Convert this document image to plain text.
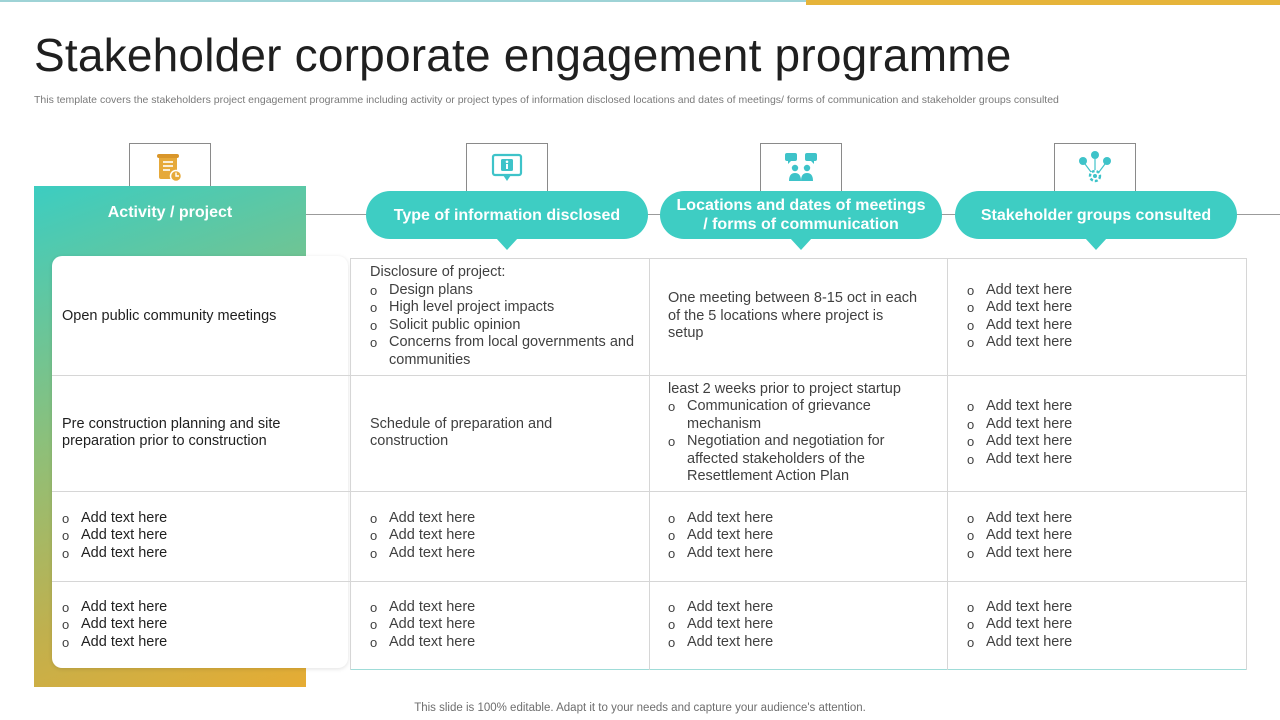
Stakeholder corporate engagement programme

This template covers the stakeholders project engagement programme including activity or project types of information disclosed locations and dates of meetings/ forms of communication and stakeholder groups consulted

Activity / project	Type of information disclosed
Locations and dates of meetings / forms of communication
Stakeholder groups consulted
Open public community meetings
Disclosure of project:
o Design plans
o High level project impacts
o Solicit public opinion
o Concerns from local governments and communities
One meeting between 8-15 oct in each of the 5 locations where project is setup
o Add text here
o Add text here
o Add text here
o Add text here
Pre construction planning and site preparation prior to construction
Schedule of preparation and construction
least 2 weeks prior to project startup
o Communication of grievance mechanism
o Negotiation and negotiation for affected stakeholders of the Resettlement Action Plan
o Add text here
o Add text here
o Add text here
o Add text here
o Add text here
o Add text here
o Add text here
o Add text here
o Add text here
o Add text here
o Add text here
o Add text here
o Add text here
o Add text here
o Add text here
o Add text here
o Add text here
o Add text here
o Add text here
o Add text here
o Add text here
o Add text here
o Add text here
o Add text here
o Add text here
o Add text here
o Add text here
o Add text here
This slide is 100% editable. Adapt it to your needs and capture your audience's attention.
